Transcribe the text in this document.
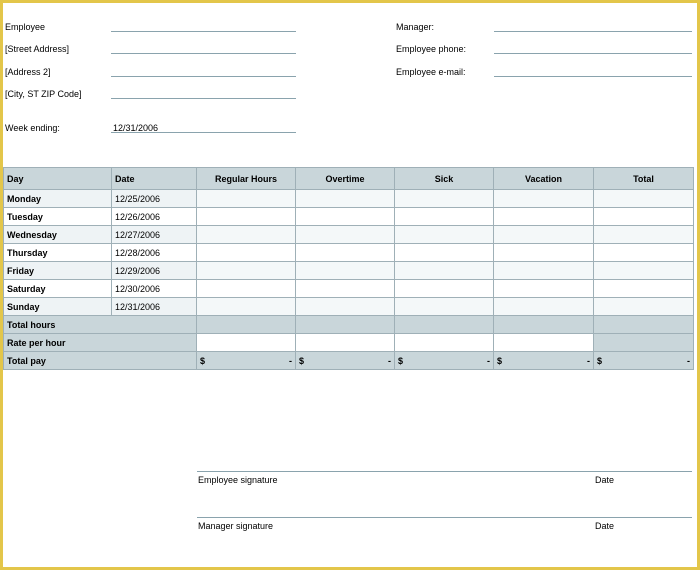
Employee
[Street Address]
[Address 2]
[City, ST ZIP Code]
Week ending:	12/31/2006
Manager:
Employee phone:
Employee e-mail:
Day	Date	Regular Hours	Overtime	Sick	Vacation	Total
Monday	12/25/2006					
Tuesday	12/26/2006					
Wednesday	12/27/2006					
Thursday	12/28/2006					
Friday	12/29/2006					
Saturday	12/30/2006					
Sunday	12/31/2006					
Total hours						
Rate per hour						
Total pay		$ -	$ -	$ -	$ -	$ -
Employee signature	Date
Manager signature	Date
